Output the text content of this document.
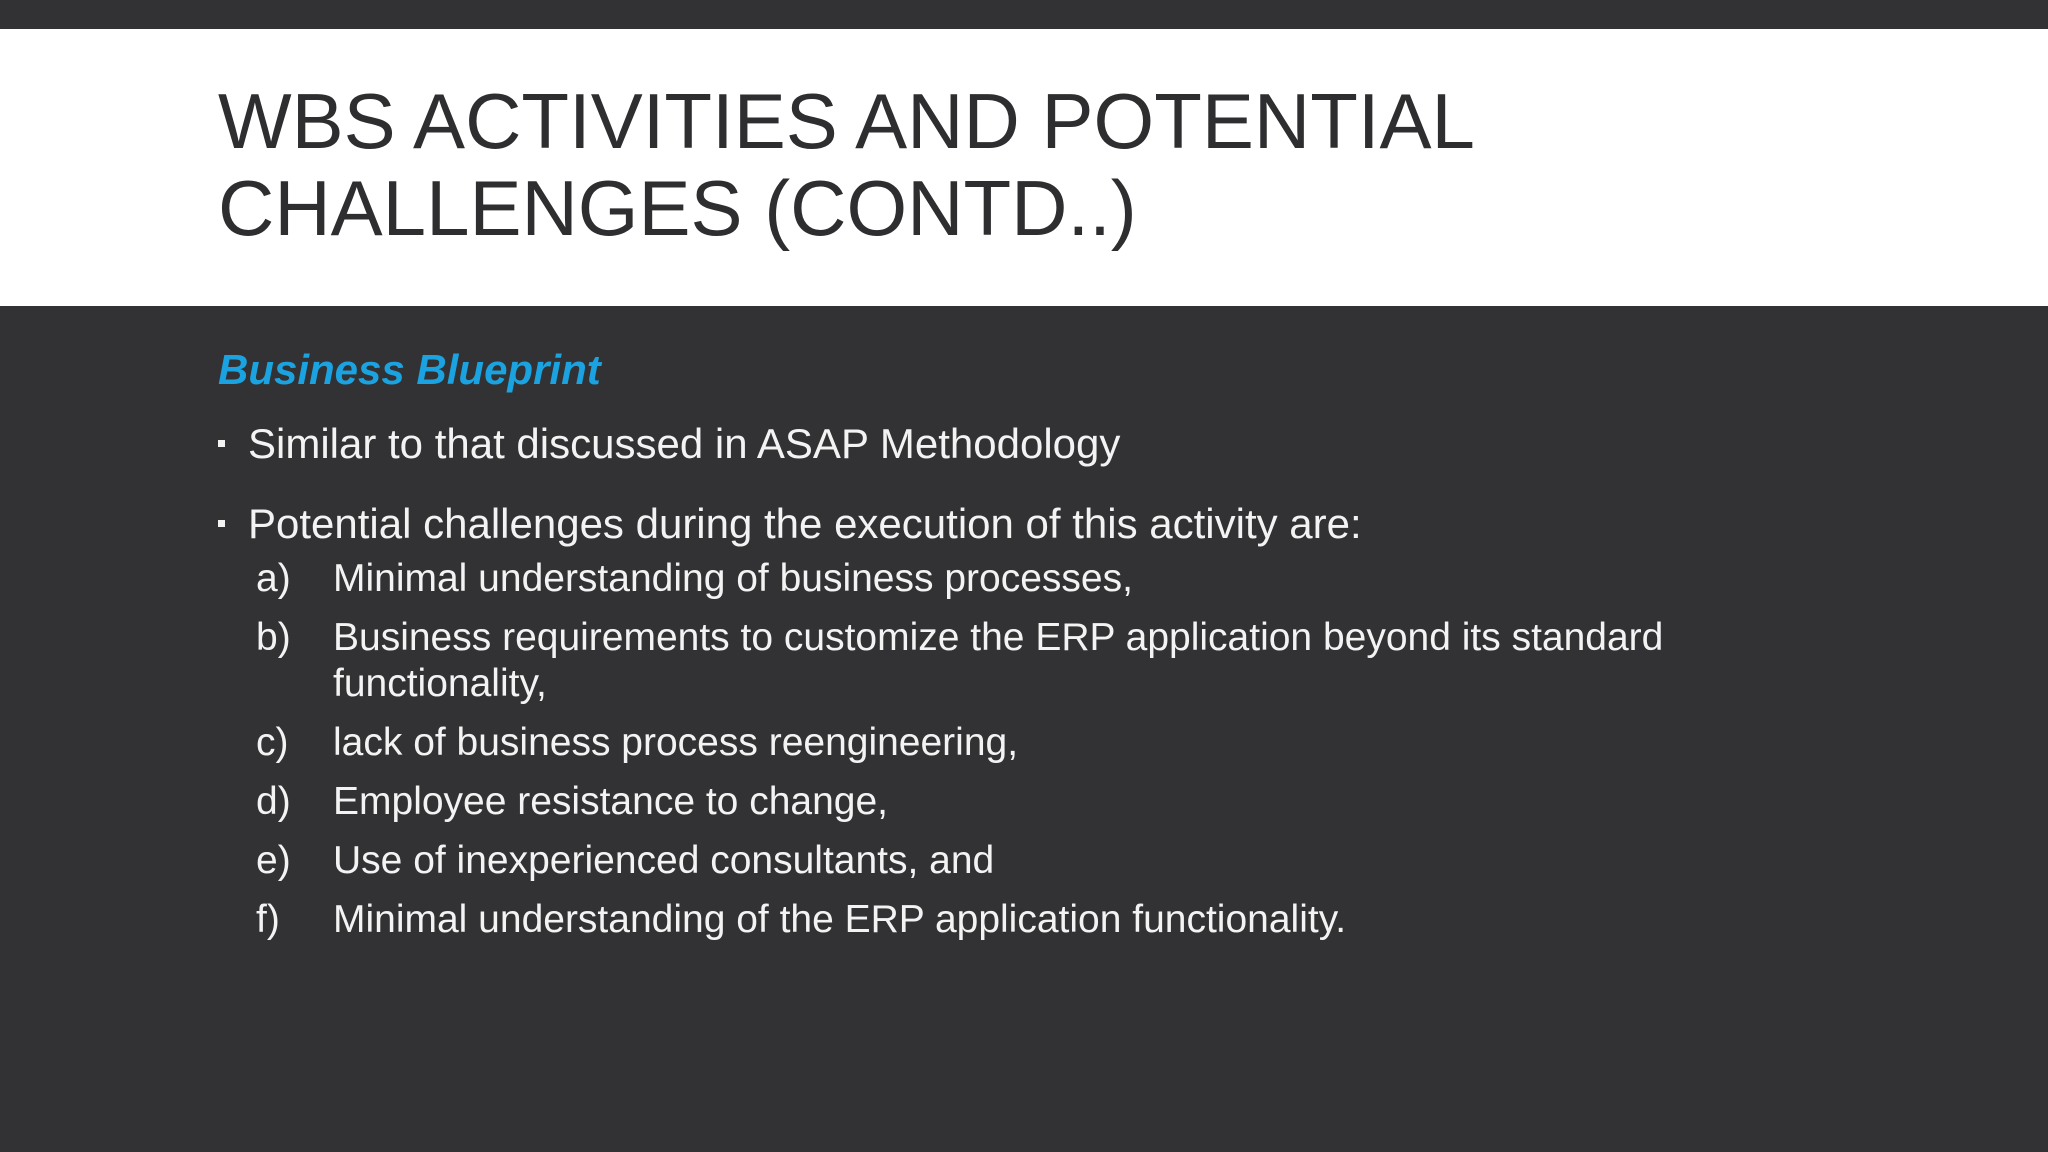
WBS ACTIVITIES AND POTENTIAL CHALLENGES (CONTD..)
Business Blueprint
Similar to that discussed in ASAP Methodology
Potential challenges during the execution of this activity are:
a)	Minimal understanding of business processes,
b)	Business requirements to customize the ERP application beyond its standard functionality,
c)	lack of business process reengineering,
d)	Employee resistance to change,
e)	Use of inexperienced consultants, and
f)	Minimal understanding of the ERP application functionality.
